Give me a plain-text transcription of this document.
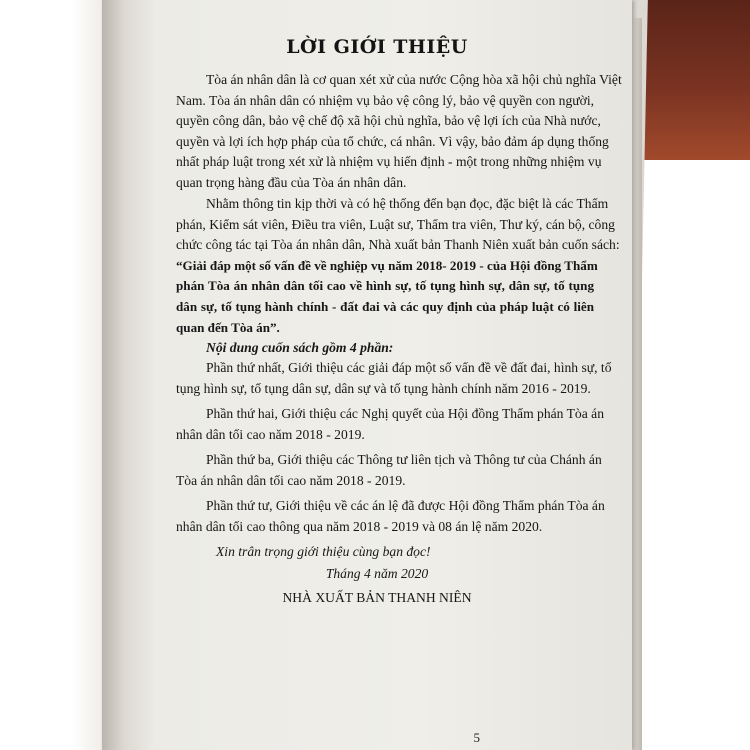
LỜI GIỚI THIỆU
Tòa án nhân dân là cơ quan xét xử của nước Cộng hòa xã hội chủ nghĩa Việt
Nam. Tòa án nhân dân có nhiệm vụ bảo vệ công lý, bảo vệ quyền con người,
quyền công dân, bảo vệ chế độ xã hội chủ nghĩa, bảo vệ lợi ích của Nhà nước,
quyền và lợi ích hợp pháp của tổ chức, cá nhân. Vì vậy, bảo đảm áp dụng thống
nhất pháp luật trong xét xử là nhiệm vụ hiến định - một trong những nhiệm vụ
quan trọng hàng đầu của Tòa án nhân dân.
Nhằm thông tin kịp thời và có hệ thống đến bạn đọc, đặc biệt là các Thẩm
phán, Kiểm sát viên, Điều tra viên, Luật sư, Thẩm tra viên, Thư ký, cán bộ, công
chức công tác tại Tòa án nhân dân, Nhà xuất bản Thanh Niên xuất bản cuốn sách:
“Giải đáp một số vấn đề về nghiệp vụ năm 2018- 2019 - của Hội đồng Thẩm
phán Tòa án nhân dân tối cao về hình sự, tố tụng hình sự, dân sự, tố tụng
dân sự, tố tụng hành chính - đất đai và các quy định của pháp luật có liên
quan đến Tòa án”.
Nội dung cuốn sách gồm 4 phần:
Phần thứ nhất, Giới thiệu các giải đáp một số vấn đề về đất đai, hình sự, tố
tụng hình sự, tố tụng dân sự, dân sự và tố tụng hành chính năm 2016 - 2019.
Phần thứ hai, Giới thiệu các Nghị quyết của Hội đồng Thẩm phán Tòa án
nhân dân tối cao năm 2018 - 2019.
Phần thứ ba, Giới thiệu các Thông tư liên tịch và Thông tư của Chánh án
Tòa án nhân dân tối cao năm 2018 - 2019.
Phần thứ tư, Giới thiệu về các án lệ đã được Hội đồng Thẩm phán Tòa án
nhân dân tối cao thông qua năm 2018 - 2019 và 08 án lệ năm 2020.
Xin trân trọng giới thiệu cùng bạn đọc!
Tháng 4 năm 2020
NHÀ XUẤT BẢN THANH NIÊN
5
